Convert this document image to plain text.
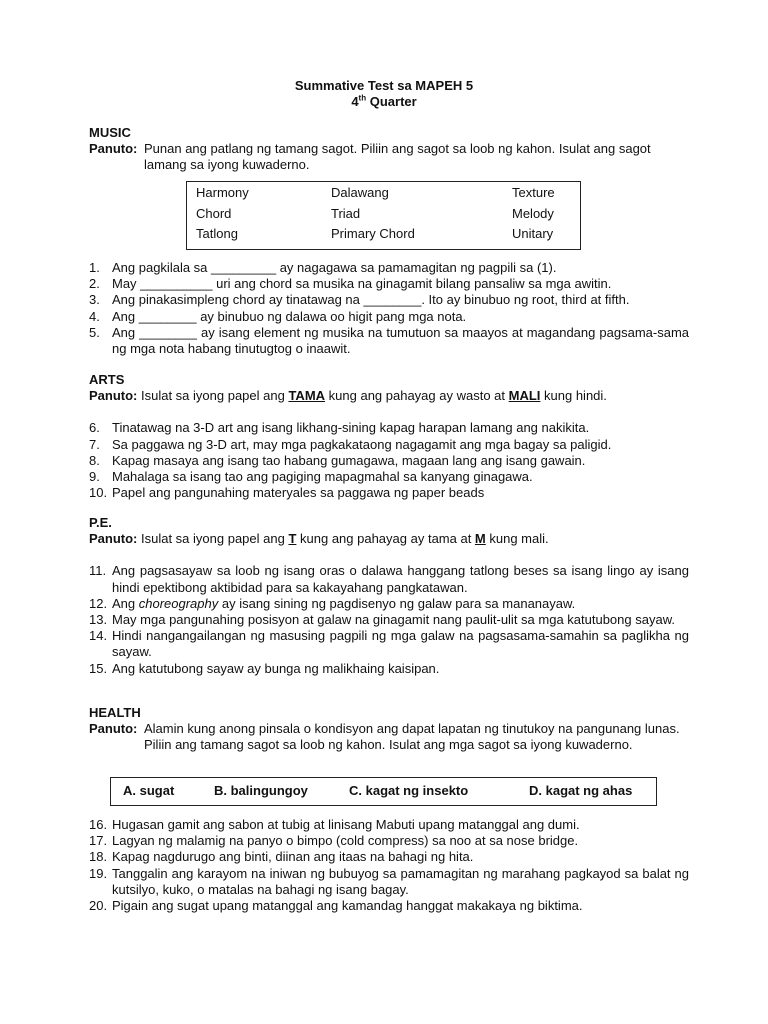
Summative Test sa MAPEH 5
4th Quarter
MUSIC
Panuto: Punan ang patlang ng tamang sagot. Piliin ang sagot sa loob ng kahon. Isulat ang sagot lamang sa iyong kuwaderno.
Harmony	Dalawang	Texture
Chord	Triad	Melody
Tatlong	Primary Chord	Unitary
1. Ang pagkilala sa _________ ay nagagawa sa pamamagitan ng pagpili sa (1).
2. May __________ uri ang chord sa musika na ginagamit bilang pansaliw sa mga awitin.
3. Ang pinakasimpleng chord ay tinatawag na ________. Ito ay binubuo ng root, third at fifth.
4. Ang ________ ay binubuo ng dalawa oo higit pang mga nota.
5. Ang ________ ay isang element ng musika na tumutuon sa maayos at magandang pagsama-sama ng mga nota habang tinutugtog o inaawit.
ARTS
Panuto: Isulat sa iyong papel ang TAMA kung ang pahayag ay wasto at MALI kung hindi.
6. Tinatawag na 3-D art ang isang likhang-sining kapag harapan lamang ang nakikita.
7. Sa paggawa ng 3-D art, may mga pagkakataong nagagamit ang mga bagay sa paligid.
8. Kapag masaya ang isang tao habang gumagawa, magaan lang ang isang gawain.
9. Mahalaga sa isang tao ang pagiging mapagmahal sa kanyang ginagawa.
10. Papel ang pangunahing materyales sa paggawa ng paper beads
P.E.
Panuto: Isulat sa iyong papel ang T kung ang pahayag ay tama at M kung mali.
11. Ang pagsasayaw sa loob ng isang oras o dalawa hanggang tatlong beses sa isang lingo ay isang hindi epektibong aktibidad para sa kakayahang pangkatawan.
12. Ang choreography ay isang sining ng pagdisenyo ng galaw para sa mananayaw.
13. May mga pangunahing posisyon at galaw na ginagamit nang paulit-ulit sa mga katutubong sayaw.
14. Hindi nangangailangan ng masusing pagpili ng mga galaw na pagsasama-samahin sa paglikha ng sayaw.
15. Ang katutubong sayaw ay bunga ng malikhaing kaisipan.
HEALTH
Panuto: Alamin kung anong pinsala o kondisyon ang dapat lapatan ng tinutukoy na pangunang lunas. Piliin ang tamang sagot sa loob ng kahon. Isulat ang mga sagot sa iyong kuwaderno.
A. sugat	B. balingungoy	C. kagat ng insekto	D. kagat ng ahas
16. Hugasan gamit ang sabon at tubig at linisang Mabuti upang matanggal ang dumi.
17. Lagyan ng malamig na panyo o bimpo (cold compress) sa noo at sa nose bridge.
18. Kapag nagdurugo ang binti, diinan ang itaas na bahagi ng hita.
19. Tanggalin ang karayom na iniwan ng bubuyog sa pamamagitan ng marahang pagkayod sa balat ng kutsilyo, kuko, o matalas na bahagi ng isang bagay.
20. Pigain ang sugat upang matanggal ang kamandag hanggat makakaya ng biktima.
